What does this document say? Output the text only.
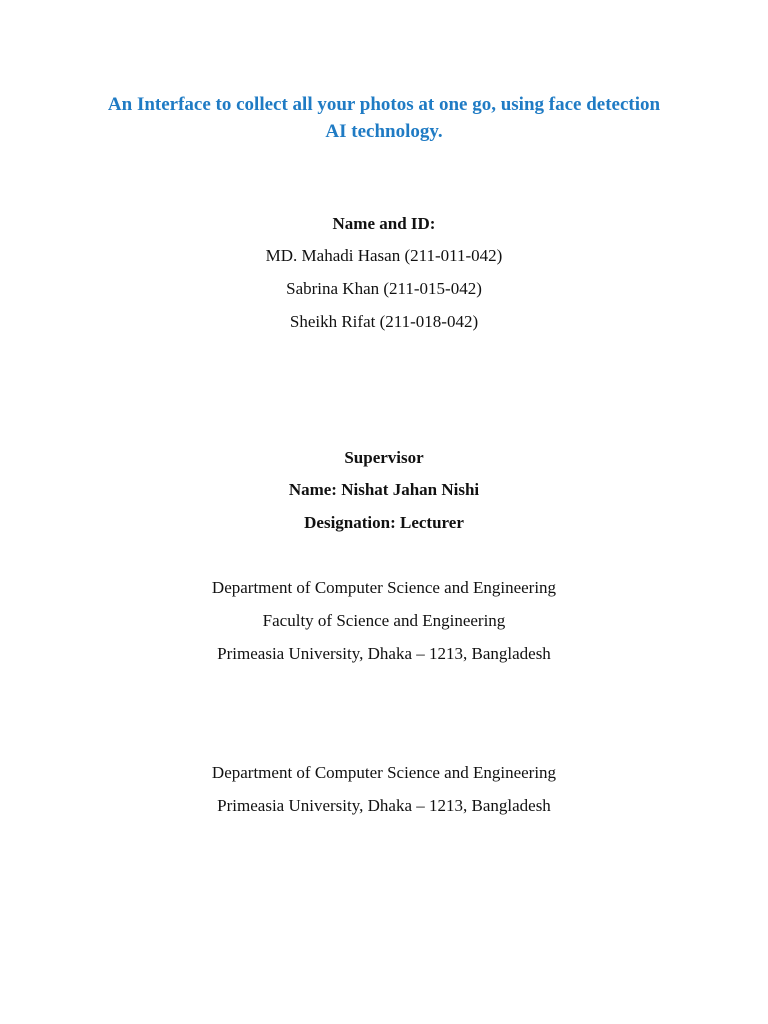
An Interface to collect all your photos at one go, using face detection
AI technology.
Name and ID:
MD. Mahadi Hasan (211-011-042)
Sabrina Khan (211-015-042)
Sheikh Rifat (211-018-042)
Supervisor
Name: Nishat Jahan Nishi
Designation: Lecturer
Department of Computer Science and Engineering
Faculty of Science and Engineering
Primeasia University, Dhaka – 1213, Bangladesh
Department of Computer Science and Engineering
Primeasia University, Dhaka – 1213, Bangladesh
